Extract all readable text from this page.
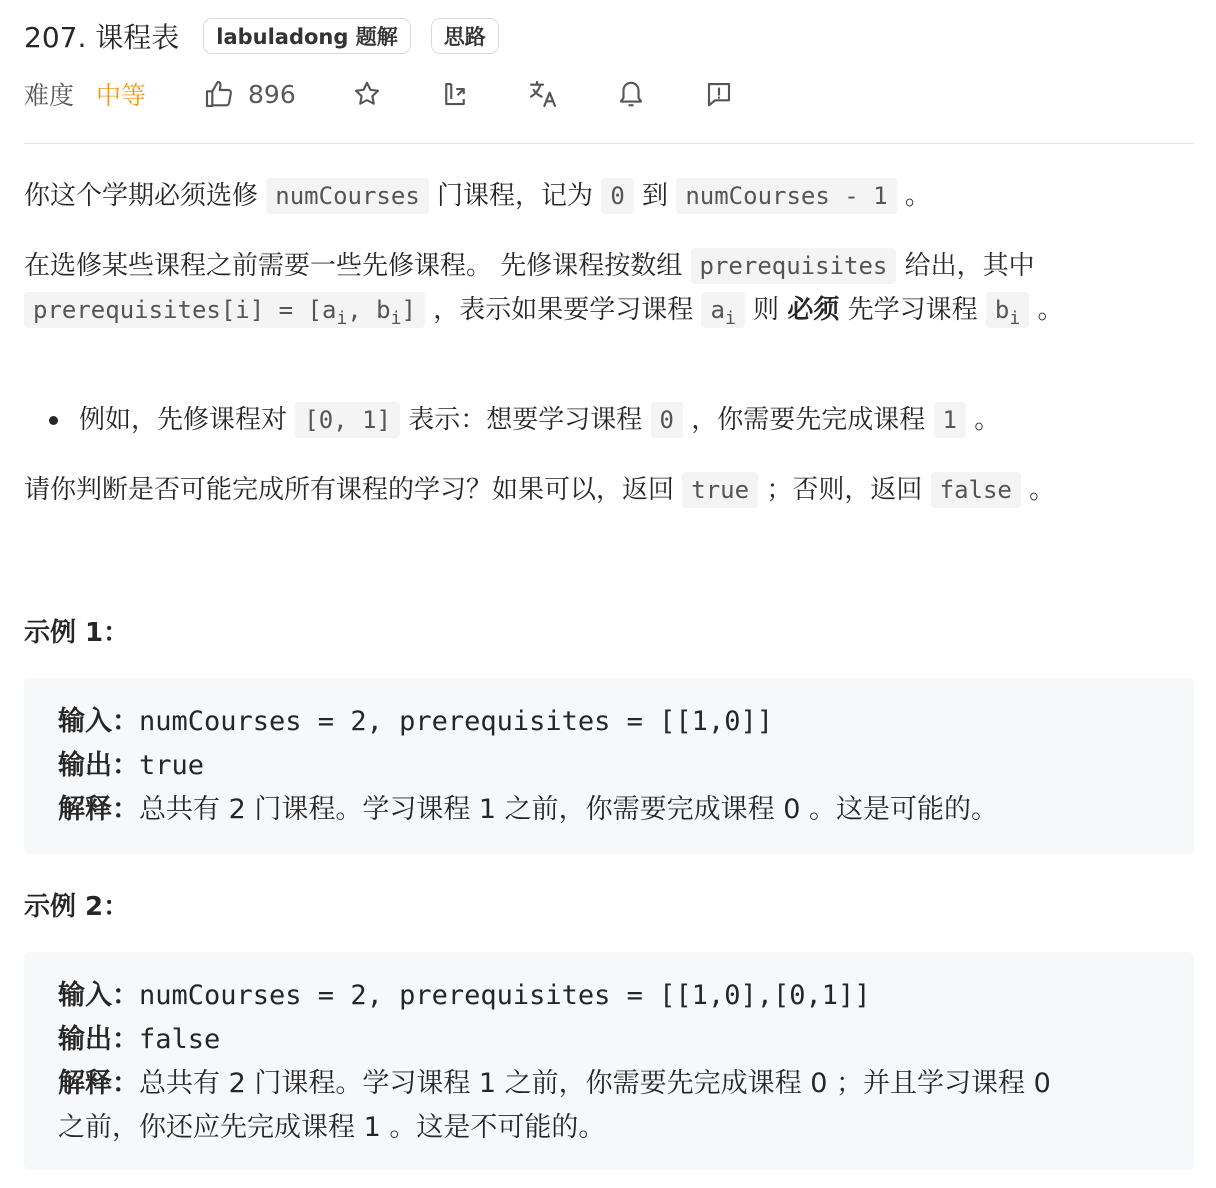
207. 课程表	labuladong 题解	思路
难度 中等	896
你这个学期必须选修 numCourses 门课程，记为 0 到 numCourses - 1 。
在选修某些课程之前需要一些先修课程。 先修课程按数组 prerequisites 给出，其中 prerequisites[i] = [$a_i$, $b_i$] ，表示如果要学习课程 $a_i$ 则 必须 先学习课程 $b_i$ 。
例如，先修课程对 [0, 1] 表示：想要学习课程 0 ，你需要先完成课程 1 。
请你判断是否可能完成所有课程的学习？如果可以，返回 true ；否则，返回 false 。
示例 1：
输入：numCourses = 2, prerequisites = [[1,0]]
输出：true
解释：总共有 2 门课程。学习课程 1 之前，你需要完成课程 0 。这是可能的。
示例 2：
输入：numCourses = 2, prerequisites = [[1,0],[0,1]]
输出：false
解释：总共有 2 门课程。学习课程 1 之前，你需要先完成课程 0 ；并且学习课程 0
之前，你还应先完成课程 1 。这是不可能的。
